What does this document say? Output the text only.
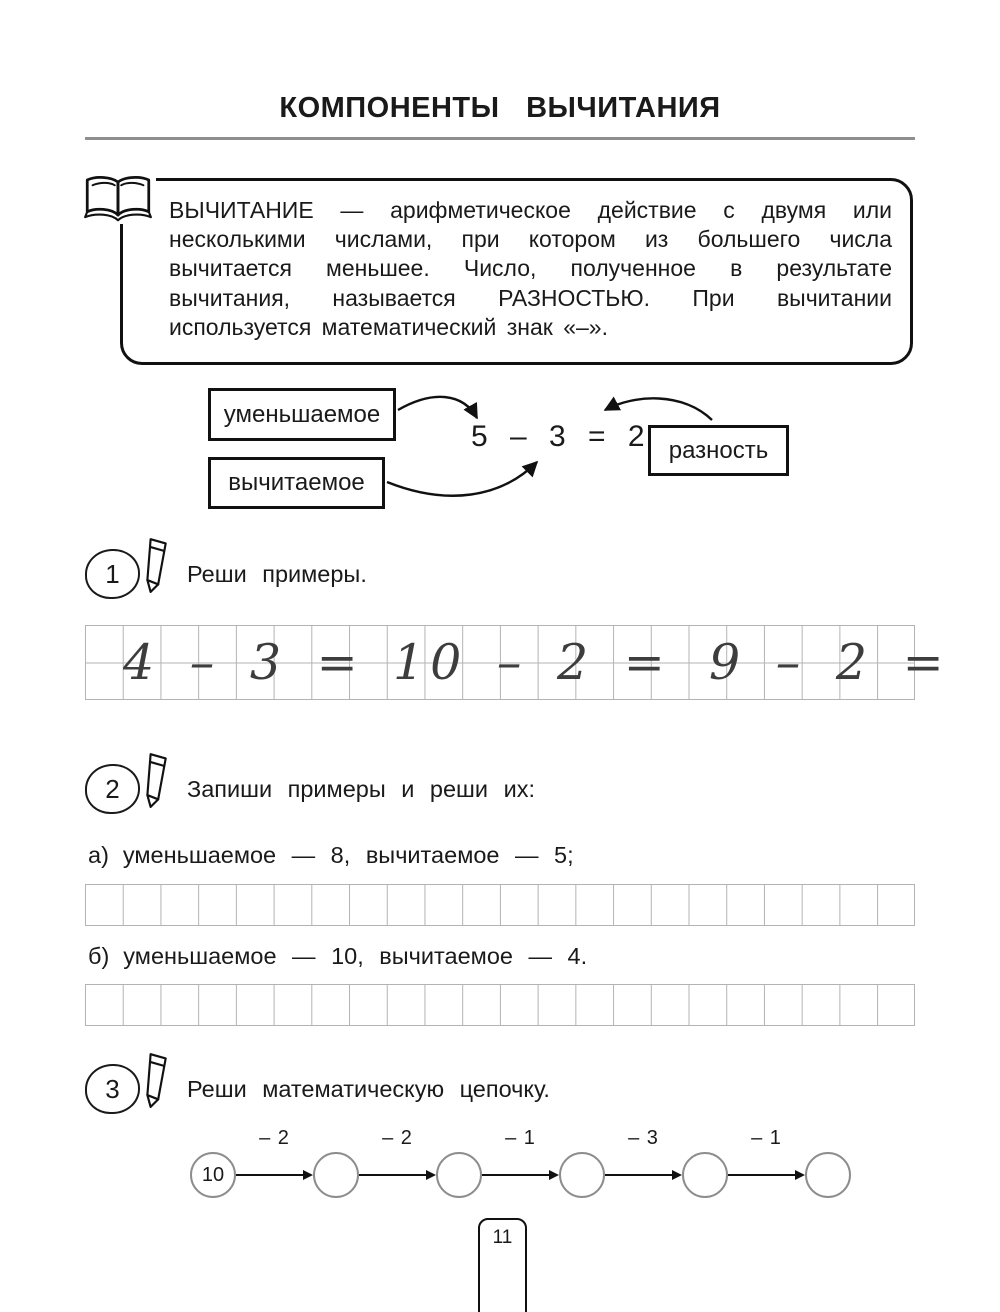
КОМПОНЕНТЫ ВЫЧИТАНИЯ

ВЫЧИТАНИЕ — арифметическое действие с двумя или несколькими числами, при котором из большего числа вычитается меньшее. Число, полученное в результате вычитания, называется РАЗНОСТЬЮ. При вычитании используется математический знак «–».

уменьшаемое
вычитаемое
5 – 3 = 2 разность
1	Реши примеры.
4 – 3 = 10 – 2 = 9 – 2 =
2	Запиши примеры и реши их:
а) уменьшаемое — 8, вычитаемое — 5;
б) уменьшаемое — 10, вычитаемое — 4.
3	Реши математическую цепочку.
10
– 2	– 2	– 1	– 3	– 1
11
